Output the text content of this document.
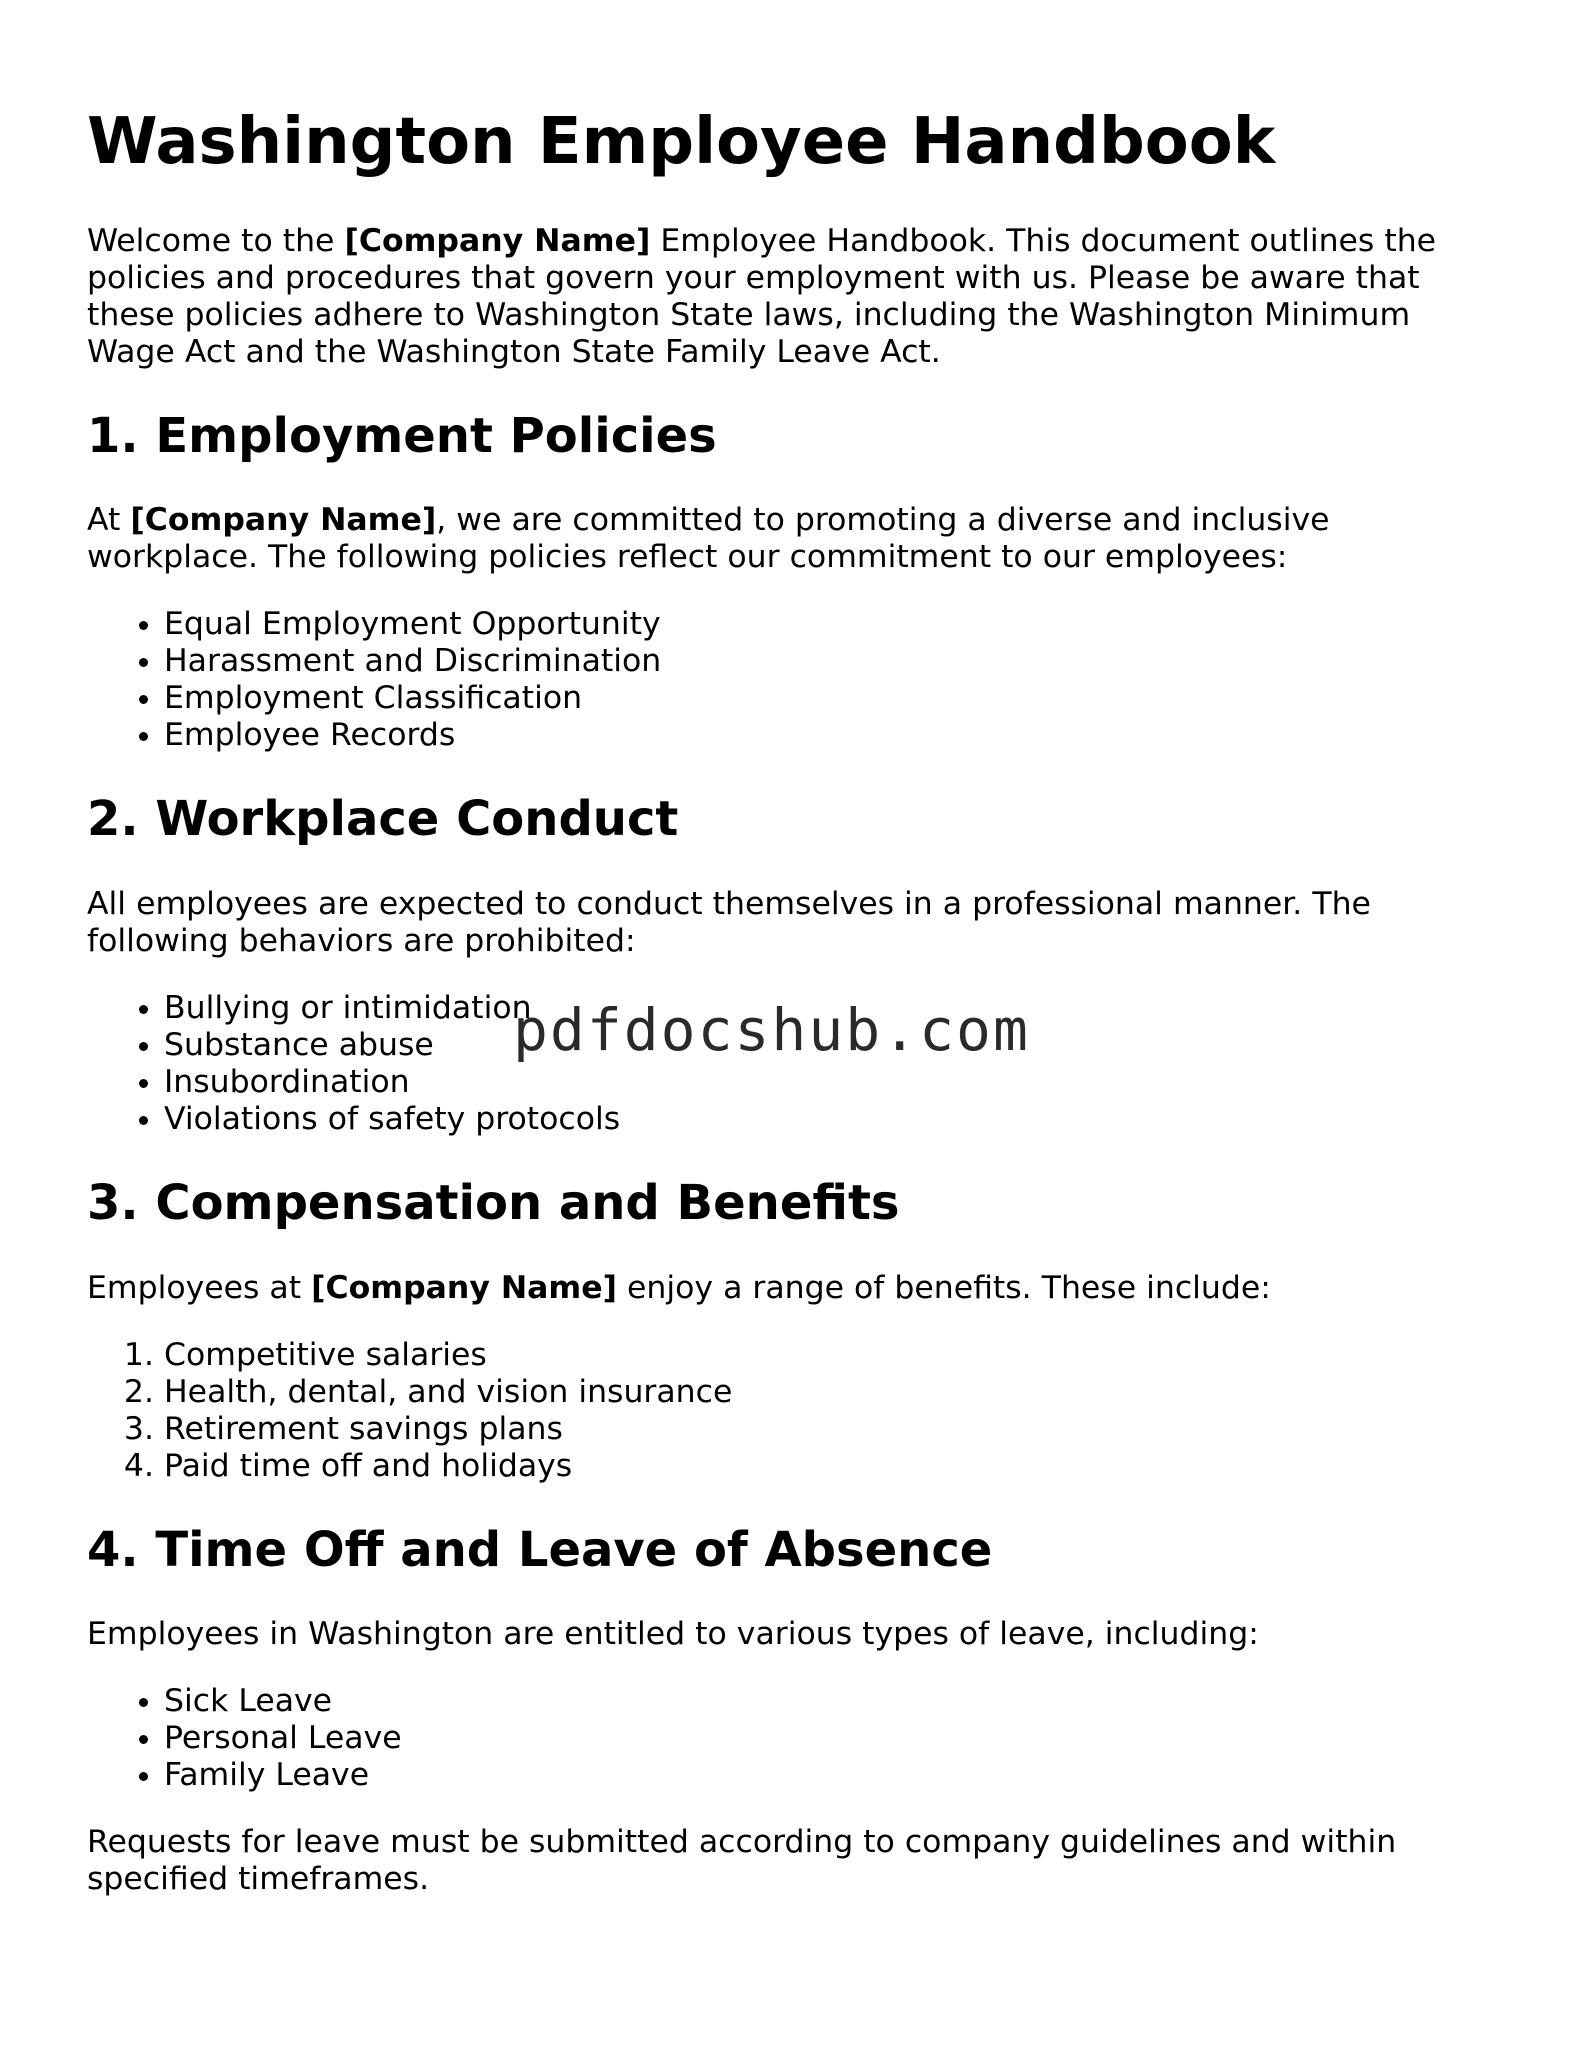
Washington Employee Handbook

Welcome to the [Company Name] Employee Handbook. This document outlines the policies and procedures that govern your employment with us. Please be aware that these policies adhere to Washington State laws, including the Washington Minimum Wage Act and the Washington State Family Leave Act.

1. Employment Policies

At [Company Name], we are committed to promoting a diverse and inclusive workplace. The following policies reflect our commitment to our employees:

• Equal Employment Opportunity
• Harassment and Discrimination
• Employment Classification
• Employee Records
2. Workplace Conduct

All employees are expected to conduct themselves in a professional manner. The following behaviors are prohibited:

• Bullying or intimidation
• Substance abuse
• Insubordination
• Violations of safety protocols
3. Compensation and Benefits

Employees at [Company Name] enjoy a range of benefits. These include:

1. Competitive salaries
2. Health, dental, and vision insurance
3. Retirement savings plans
4. Paid time off and holidays
4. Time Off and Leave of Absence

Employees in Washington are entitled to various types of leave, including:

• Sick Leave
• Personal Leave
• Family Leave

Requests for leave must be submitted according to company guidelines and within specified timeframes.

pdfdocshub.com
